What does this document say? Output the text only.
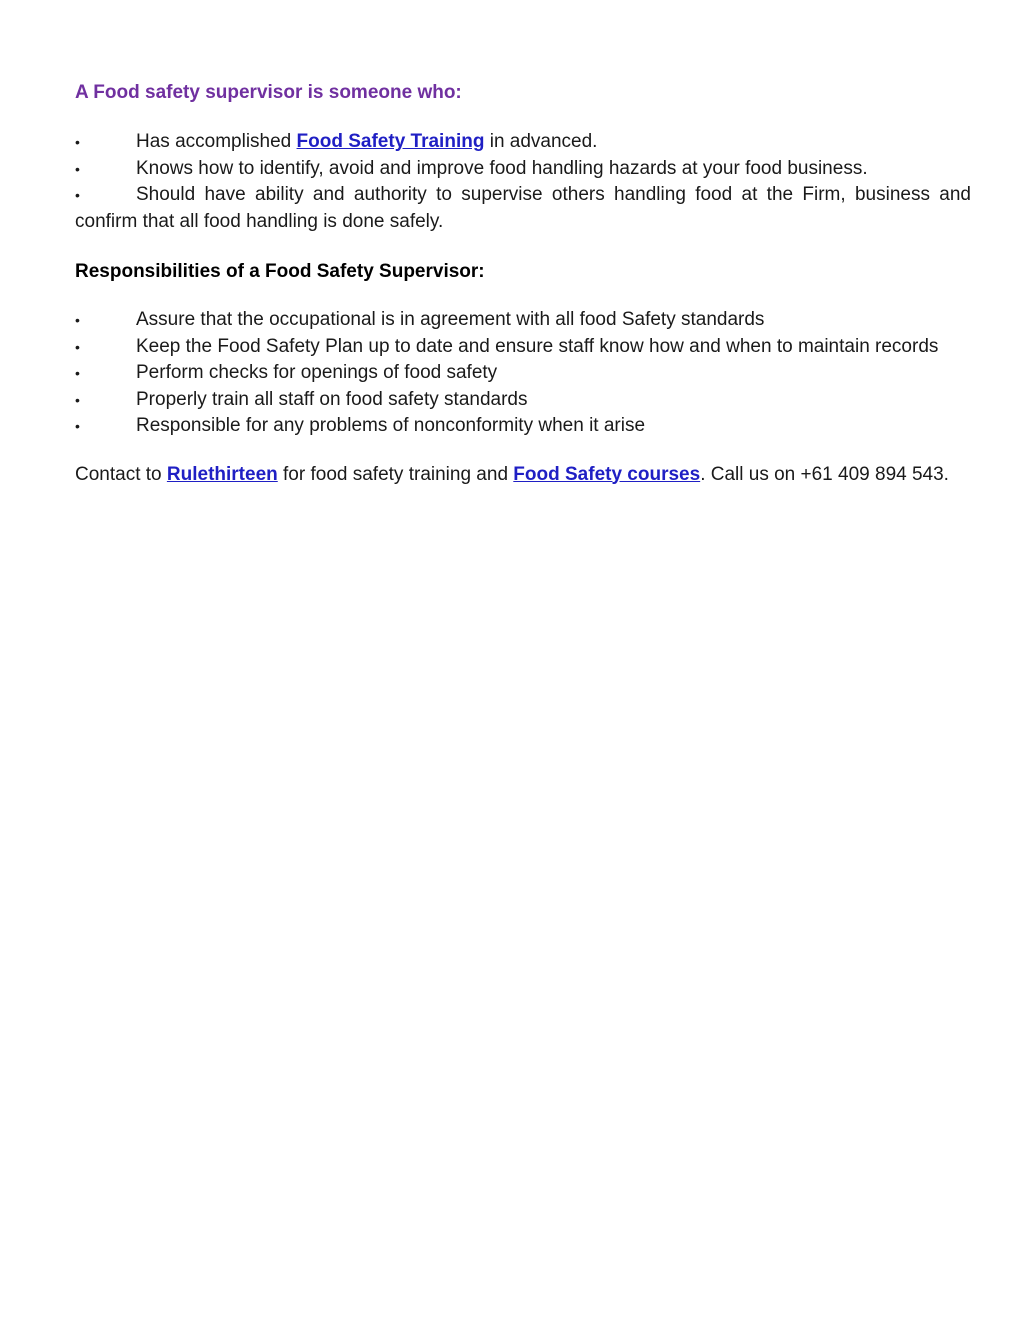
A Food safety supervisor is someone who:
•	Has accomplished Food Safety Training in advanced.
•	Knows how to identify, avoid and improve food handling hazards at your food business.
•	Should have ability and authority to supervise others handling food at the Firm, business and confirm that all food handling is done safely.
Responsibilities of a Food Safety Supervisor:
•	Assure that the occupational is in agreement with all food Safety standards
•	Keep the Food Safety Plan up to date and ensure staff know how and when to maintain records
•	Perform checks for openings of food safety
•	Properly train all staff on food safety standards
•	Responsible for any problems of nonconformity when it arise

Contact to Rulethirteen for food safety training and Food Safety courses. Call us on +61 409 894 543.
